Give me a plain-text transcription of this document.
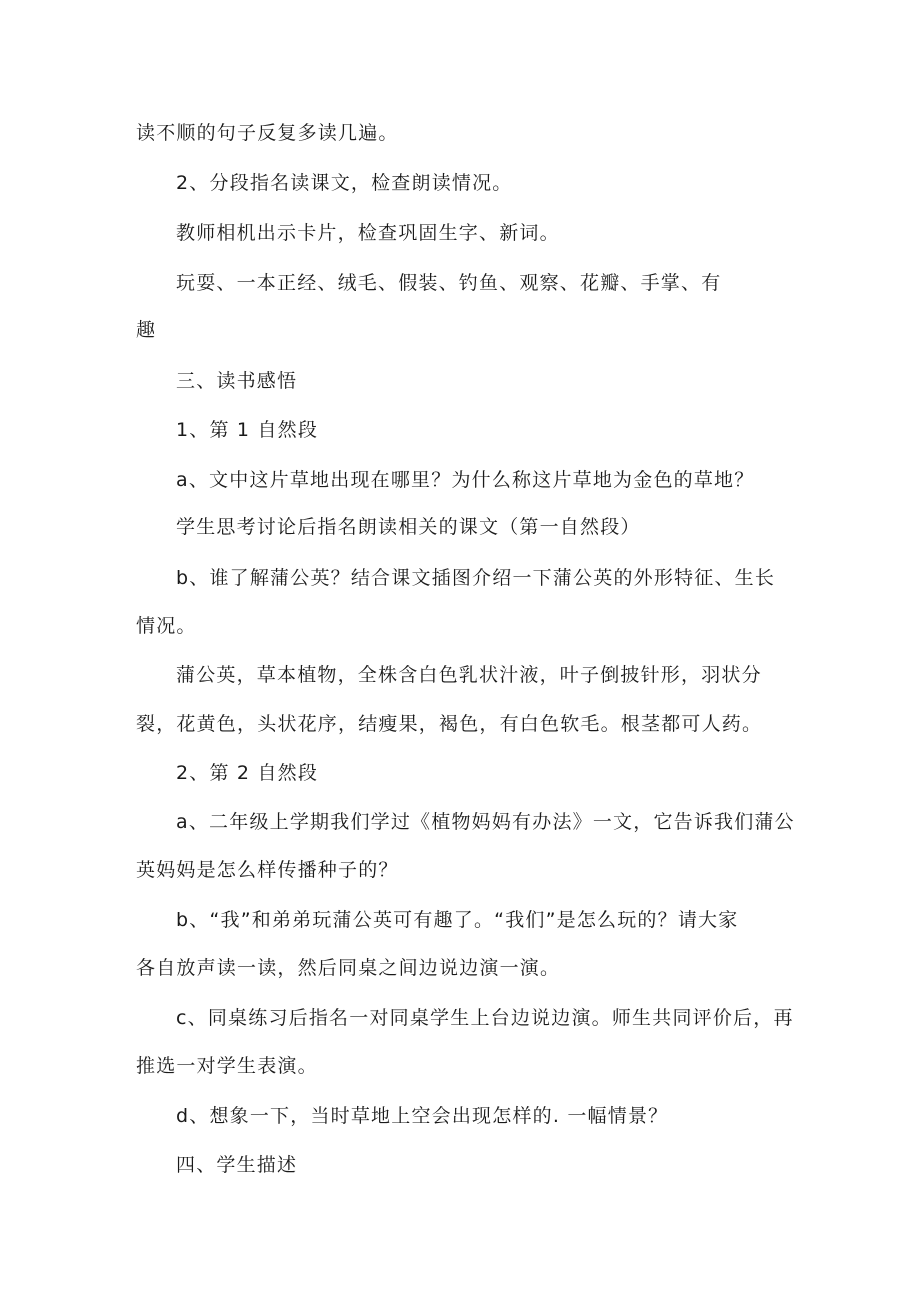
读不顺的句子反复多读几遍。
2、分段指名读课文，检查朗读情况。
教师相机出示卡片，检查巩固生字、新词。
玩耍、一本正经、绒毛、假装、钓鱼、观察、花瓣、手掌、有
趣
三、读书感悟
1、第 1 自然段
a、文中这片草地出现在哪里？为什么称这片草地为金色的草地？
学生思考讨论后指名朗读相关的课文（第一自然段）
b、谁了解蒲公英？结合课文插图介绍一下蒲公英的外形特征、生长
情况。
蒲公英，草本植物，全株含白色乳状汁液，叶子倒披针形，羽状分
裂，花黄色，头状花序，结瘦果，褐色，有白色软毛。根茎都可人药。
2、第 2 自然段
a、二年级上学期我们学过《植物妈妈有办法》一文，它告诉我们蒲公
英妈妈是怎么样传播种子的？
b、“我”和弟弟玩蒲公英可有趣了。“我们”是怎么玩的？请大家
各自放声读一读，然后同桌之间边说边演一演。
c、同桌练习后指名一对同桌学生上台边说边演。师生共同评价后，再
推选一对学生表演。
d、想象一下，当时草地上空会出现怎样的. 一幅情景？
四、学生描述
